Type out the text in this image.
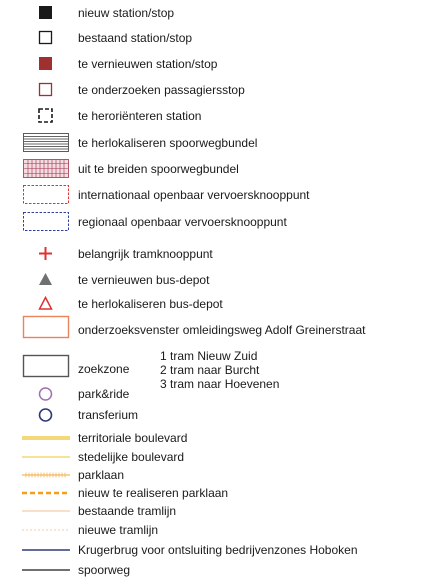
nieuw station/stop
bestaand station/stop
te vernieuwen station/stop
te onderzoeken passagiersstop
te heroriënteren station
te herlokaliseren spoorwegbundel
uit te breiden spoorwegbundel
internationaal openbaar vervoersknooppunt
regionaal openbaar vervoersknooppunt
belangrijk tramknooppunt
te vernieuwen bus-depot
te herlokaliseren bus-depot
onderzoeksvenster omleidingsweg Adolf Greinerstraat
zoekzone
1 tram Nieuw Zuid
2 tram naar Burcht
3 tram naar Hoevenen
park&ride
transferium
territoriale boulevard
stedelijke boulevard
parklaan
nieuw te realiseren parklaan
bestaande tramlijn
nieuwe tramlijn
Krugerbrug voor ontsluiting bedrijvenzones Hoboken
spoorweg
